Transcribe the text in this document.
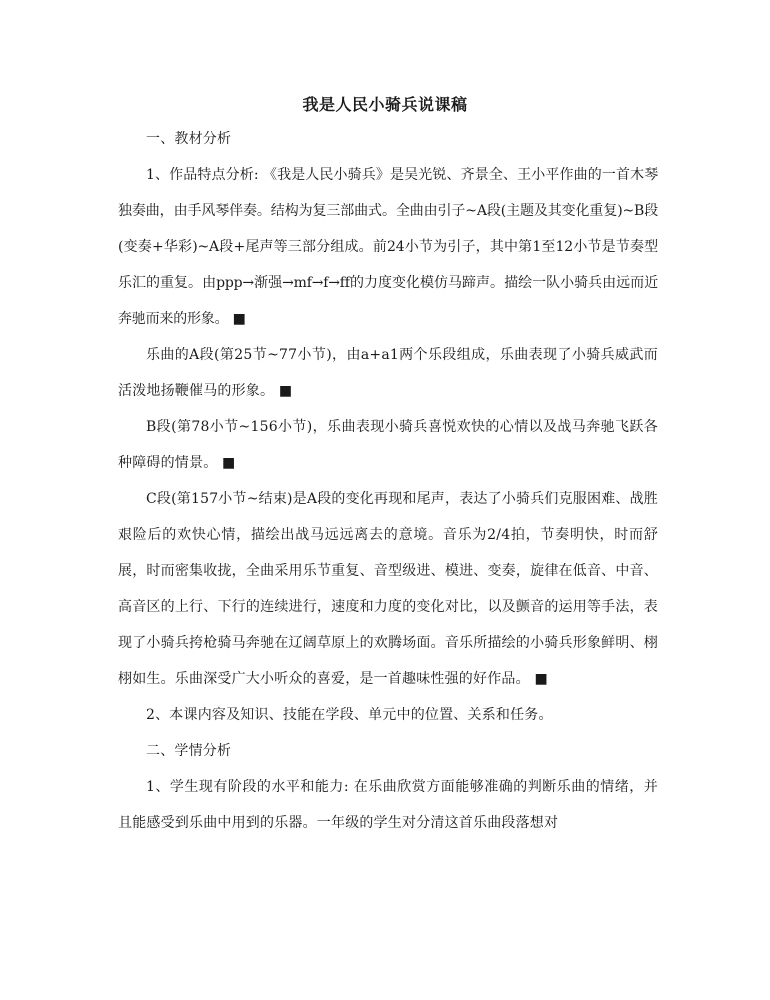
我是人民小骑兵说课稿

一、教材分析

1、作品特点分析: 《我是人民小骑兵》是吴光锐、齐景全、王小平作曲的一首木琴独奏曲，由手风琴伴奏。结构为复三部曲式。全曲由引子~A段(主题及其变化重复)~B段(变奏+华彩)~A段+尾声等三部分组成。前24小节为引子，其中第1至12小节是节奏型乐汇的重复。由ppp→渐强→mf→f→ff的力度变化模仿马蹄声。描绘一队小骑兵由远而近奔驰而来的形象。 ■

乐曲的A段(第25节~77小节)，由a+a1两个乐段组成，乐曲表现了小骑兵威武而活泼地扬鞭催马的形象。 ■

B段(第78小节~156小节)，乐曲表现小骑兵喜悦欢快的心情以及战马奔驰飞跃各种障碍的情景。 ■

C段(第157小节~结束)是A段的变化再现和尾声，表达了小骑兵们克服困难、战胜艰险后的欢快心情，描绘出战马远远离去的意境。音乐为2/4拍，节奏明快，时而舒展，时而密集收拢，全曲采用乐节重复、音型级进、模进、变奏，旋律在低音、中音、高音区的上行、下行的连续进行，速度和力度的变化对比，以及颤音的运用等手法，表现了小骑兵挎枪骑马奔驰在辽阔草原上的欢腾场面。音乐所描绘的小骑兵形象鲜明、栩栩如生。乐曲深受广大小听众的喜爱，是一首趣味性强的好作品。 ■

2、本课内容及知识、技能在学段、单元中的位置、关系和任务。

二、学情分析

1、学生现有阶段的水平和能力: 在乐曲欣赏方面能够准确的判断乐曲的情绪，并且能感受到乐曲中用到的乐器。一年级的学生对分清这首乐曲段落想对
